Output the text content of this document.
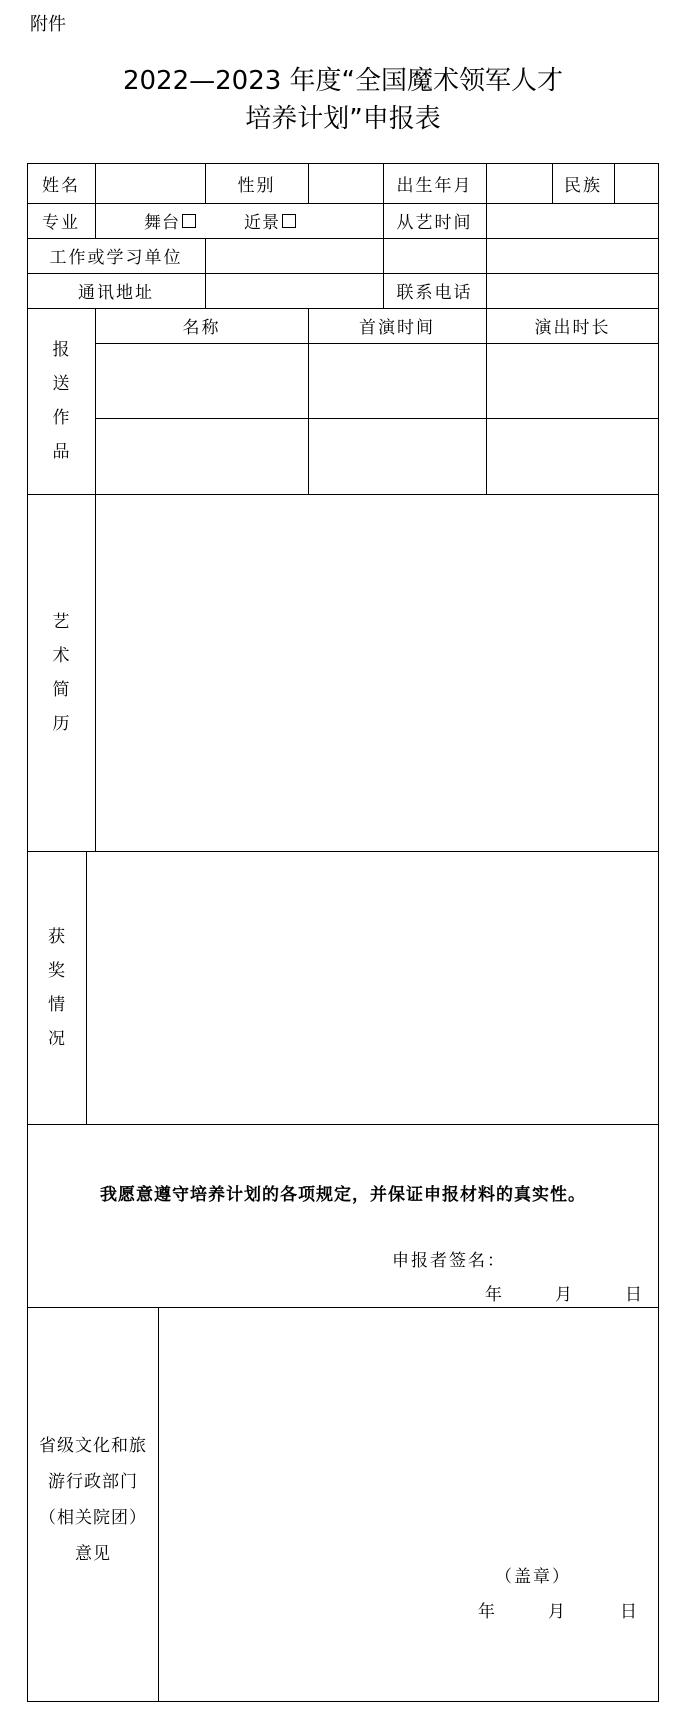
附件
2022—2023 年度“全国魔术领军人才
培养计划”申报表
姓名	性别	出生年月	民族
专业	舞台	近景	从艺时间
工作或学习单位
通讯地址	联系电话
报
送
作
品
名称	首演时间	演出时长
艺
术
简
历
获
奖
情
况
我愿意遵守培养计划的各项规定，并保证申报材料的真实性。
申报者签名：
年	月	日
省级文化和旅
游行政部门
（相关院团）
意见
（盖章）
年	月	日
